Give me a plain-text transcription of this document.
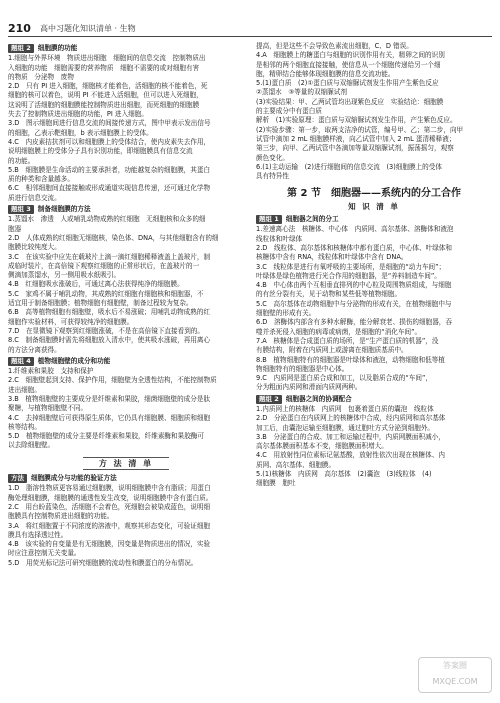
210 高中习题化知识清单 · 生物
题组 2 细胞膜的功能
1.细胞与外界环境　物质进出细胞　细胞间的信息交流　控制物质出
入细胞的功能　细胞需要的营养物质　细胞不需要的或对细胞有害
的物质　分泌物　废物
2.D　只有 PI 进入细胞，细胞核才能着色，活细胞的核不能着色，死
细胞的核可以着色，说明 PI 不能进入活细胞，但可以进入死细胞，
这说明了活细胞的细胞膜能控制物质进出细胞，而死细胞的细胞膜
失去了控制物质进出细胞的功能，PI 进入细胞。
3.D　图示细胞间进行信息交流的间接传递方式，图中甲表示发出信号
的细胞，乙表示靶细胞，b 表示细胞膜上的受体。
4.C　内皮素拮抗剂可以和细胞膜上的受体结合，使内皮素失去作用，
说明细胞膜上的受体分子具有识别功能，即细胞膜具有信息交流
的功能。
5.B　细胞膜是生命活动的主要承担者，功能越复杂的细胞膜，其蛋白
质的种类和含量越多。
6.C　相邻细胞间直接接触或形成通道实现信息传递，还可通过化学物
质进行信息交流。
题组 3 制备细胞膜的方法
1.蒸馏水　渗透　人或哺乳动物成熟的红细胞　无细胞核和众多的细
胞器
2.D　人体成熟的红细胞无细胞核，染色体、DNA，与其他细胞含有的细
胞膜比较纯度大。
3.C　在该实验中应先在载玻片上滴一滴红细胞稀释液盖上盖玻片，制
成临时装片，在高倍镜下观察红细胞的正常形状后，在盖玻片的一
侧滴加蒸馏水，另一侧用吸水纸吸引。
4.B　红细胞吸水涨破后，可通过离心法获得纯净的细胞膜。
5.C　家鸡不属于哺乳动物，其成熟的红细胞有细胞核和细胞器，不
适宜用于制备细胞膜；植物细胞有细胞壁，制备过程较为复杂。
6.B　高等植物细胞有细胞壁，吸水后不易涨破；用哺乳动物成熟的红
细胞作实验材料，可获得较纯净的细胞膜。
7.D　在显微镜下观察到红细胞涨破，不是在高倍镜下直接看到的。
8.C　制备细胞膜时需先将细胞放入清水中，使其吸水涨破，再用离心
的方法分离获得。
题组 4 植物细胞壁的成分和功能
1.纤维素和果胶　支持和保护
2.C　细胞壁起到支持、保护作用，细胞壁为全透性结构，不能控制物质
进出细胞。
3.B　植物细胞壁的主要成分是纤维素和果胶，细菌细胞壁的成分是肽
聚糖，与植物细胞壁不同。
4.C　去掉细胞壁后可获得原生质体，它仍具有细胞膜、细胞质和细胞
核等结构。
5.D　植物细胞壁的成分主要是纤维素和果胶，纤维素酶和果胶酶可
以去除细胞壁。
方 法 清 单
方法 细胞膜成分与功能的验证方法
1.D　脂溶性物质更容易通过细胞膜，说明细胞膜中含有脂质；用蛋白
酶处理细胞膜，细胞膜的通透性发生改变，说明细胞膜中含有蛋白质。
2.C　用台盼蓝染色，活细胞不会着色，死细胞会被染成蓝色，说明细
胞膜具有控制物质进出细胞的功能。
3.A　将红细胞置于不同浓度的溶液中，观察其形态变化，可验证细胞
膜具有选择透过性。
4.B　该实验的自变量是有无细胞膜，因变量是物质进出的情况，实验
时应注意控制无关变量。
5.D　用荧光标记法可研究细胞膜的流动性和膜蛋白的分布情况。
提高，但是这些不会导致色素流出细胞，C、D 错误。
4.A　细胞膜上的糖蛋白与细胞的识别作用有关，精卵之间的识别
是相邻的两个细胞直接接触，使信息从一个细胞传递给另一个细
胞，精卵结合能够体现细胞膜的信息交流功能。
5.(1)蛋白质　(2)①蛋白质与双缩脲试剂发生作用产生紫色反应
②蒸馏水　③等量的双缩脲试剂
(3)实验结果：甲、乙两试管均出现紫色反应　实验结论：细胞膜
的主要成分中有蛋白质
解析　(1)实验原理：蛋白质与双缩脲试剂发生作用，产生紫色反应。
(2)实验步骤：第一步，取两支洁净的试管，编号甲、乙；第二步，向甲
试管中滴加 2 mL 细胞膜样液，向乙试管中加入 2 mL 蛋清稀释液；
第三步，向甲、乙两试管中各滴加等量双缩脲试剂，振荡摇匀，观察
颜色变化。
6.(1)主动运输　(2)进行细胞间的信息交流　(3)细胞膜上的受体
具有特异性
第 2 节　细胞器——系统内的分工合作
知 识 清 单
题组 1 细胞器之间的分工
1.差速离心法　核糖体、中心体　内质网、高尔基体、溶酶体和液泡
线粒体和叶绿体
2.D　线粒体、高尔基体和核糖体中都有蛋白质，中心体、叶绿体和
核糖体中含有 RNA，线粒体和叶绿体中含有 DNA。
3.C　线粒体是进行有氧呼吸的主要场所，是细胞的“动力车间”；
叶绿体是绿色植物进行光合作用的细胞器，是“养料制造车间”。
4.B　中心体由两个互相垂直排列的中心粒及周围物质组成，与细胞
的有丝分裂有关，见于动物和某些低等植物细胞。
5.C　高尔基体在动物细胞中与分泌物的形成有关，在植物细胞中与
细胞壁的形成有关。
6.D　溶酶体内部含有多种水解酶，能分解衰老、损伤的细胞器，吞
噬并杀死侵入细胞的病毒或病菌，是细胞的“消化车间”。
7.A　核糖体是合成蛋白质的场所，是“生产蛋白质的机器”，没
有膜结构，附着在内质网上或游离在细胞质基质中。
8.B　植物细胞特有的细胞器是叶绿体和液泡，动物细胞和低等植
物细胞特有的细胞器是中心体。
9.C　内质网是蛋白质合成和加工，以及脂质合成的“车间”，
分为粗面内质网和滑面内质网两种。
题组 2 细胞器之间的协调配合
1.内质网上的核糖体　内质网　包裹着蛋白质的囊泡　线粒体
2.D　分泌蛋白在内质网上的核糖体中合成，经内质网和高尔基体
加工后，由囊泡运输至细胞膜，通过胞吐方式分泌到细胞外。
3.B　分泌蛋白的合成、加工和运输过程中，内质网膜面积减小，
高尔基体膜面积基本不变，细胞膜面积增大。
4.C　用放射性同位素标记氨基酸，放射性依次出现在核糖体、内
质网、高尔基体、细胞膜。
5.(1)核糖体　内质网　高尔基体　(2)囊泡　(3)线粒体　(4)
细胞膜　胞吐
答案圈
MXQE.COM
